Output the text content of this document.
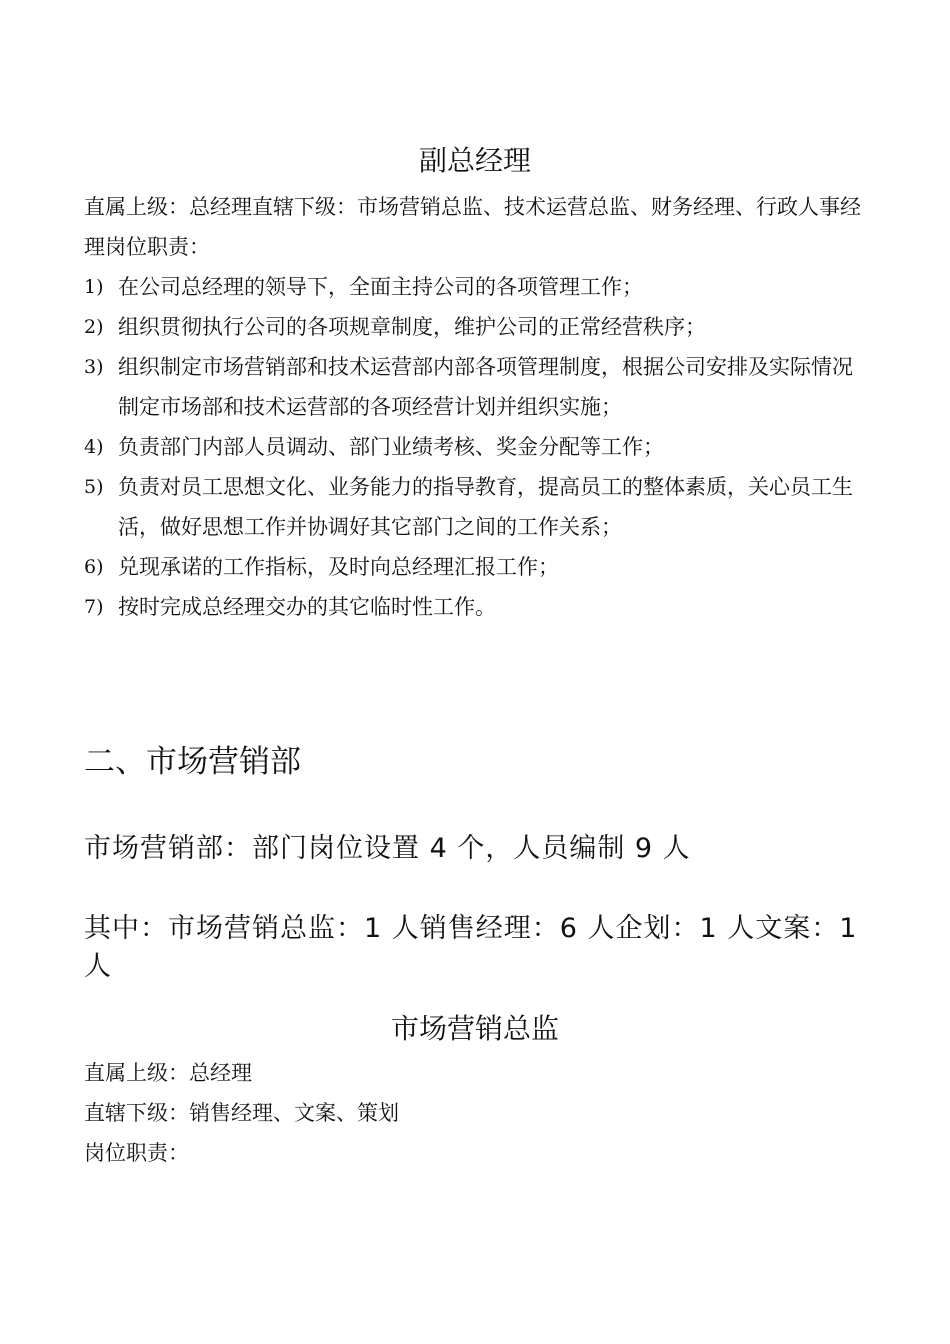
副总经理
直属上级：总经理直辖下级：市场营销总监、技术运营总监、财务经理、行政人事经理岗位职责：
1) 在公司总经理的领导下，全面主持公司的各项管理工作；
2) 组织贯彻执行公司的各项规章制度，维护公司的正常经营秩序；
3) 组织制定市场营销部和技术运营部内部各项管理制度，根据公司安排及实际情况制定市场部和技术运营部的各项经营计划并组织实施；
4) 负责部门内部人员调动、部门业绩考核、奖金分配等工作；
5) 负责对员工思想文化、业务能力的指导教育，提高员工的整体素质，关心员工生活，做好思想工作并协调好其它部门之间的工作关系；
6) 兑现承诺的工作指标，及时向总经理汇报工作；
7) 按时完成总经理交办的其它临时性工作。
二、市场营销部
市场营销部：部门岗位设置 4 个，人员编制 9 人
其中：市场营销总监：1 人销售经理：6 人企划：1 人文案：1 人
市场营销总监
直属上级：总经理
直辖下级：销售经理、文案、策划
岗位职责：
